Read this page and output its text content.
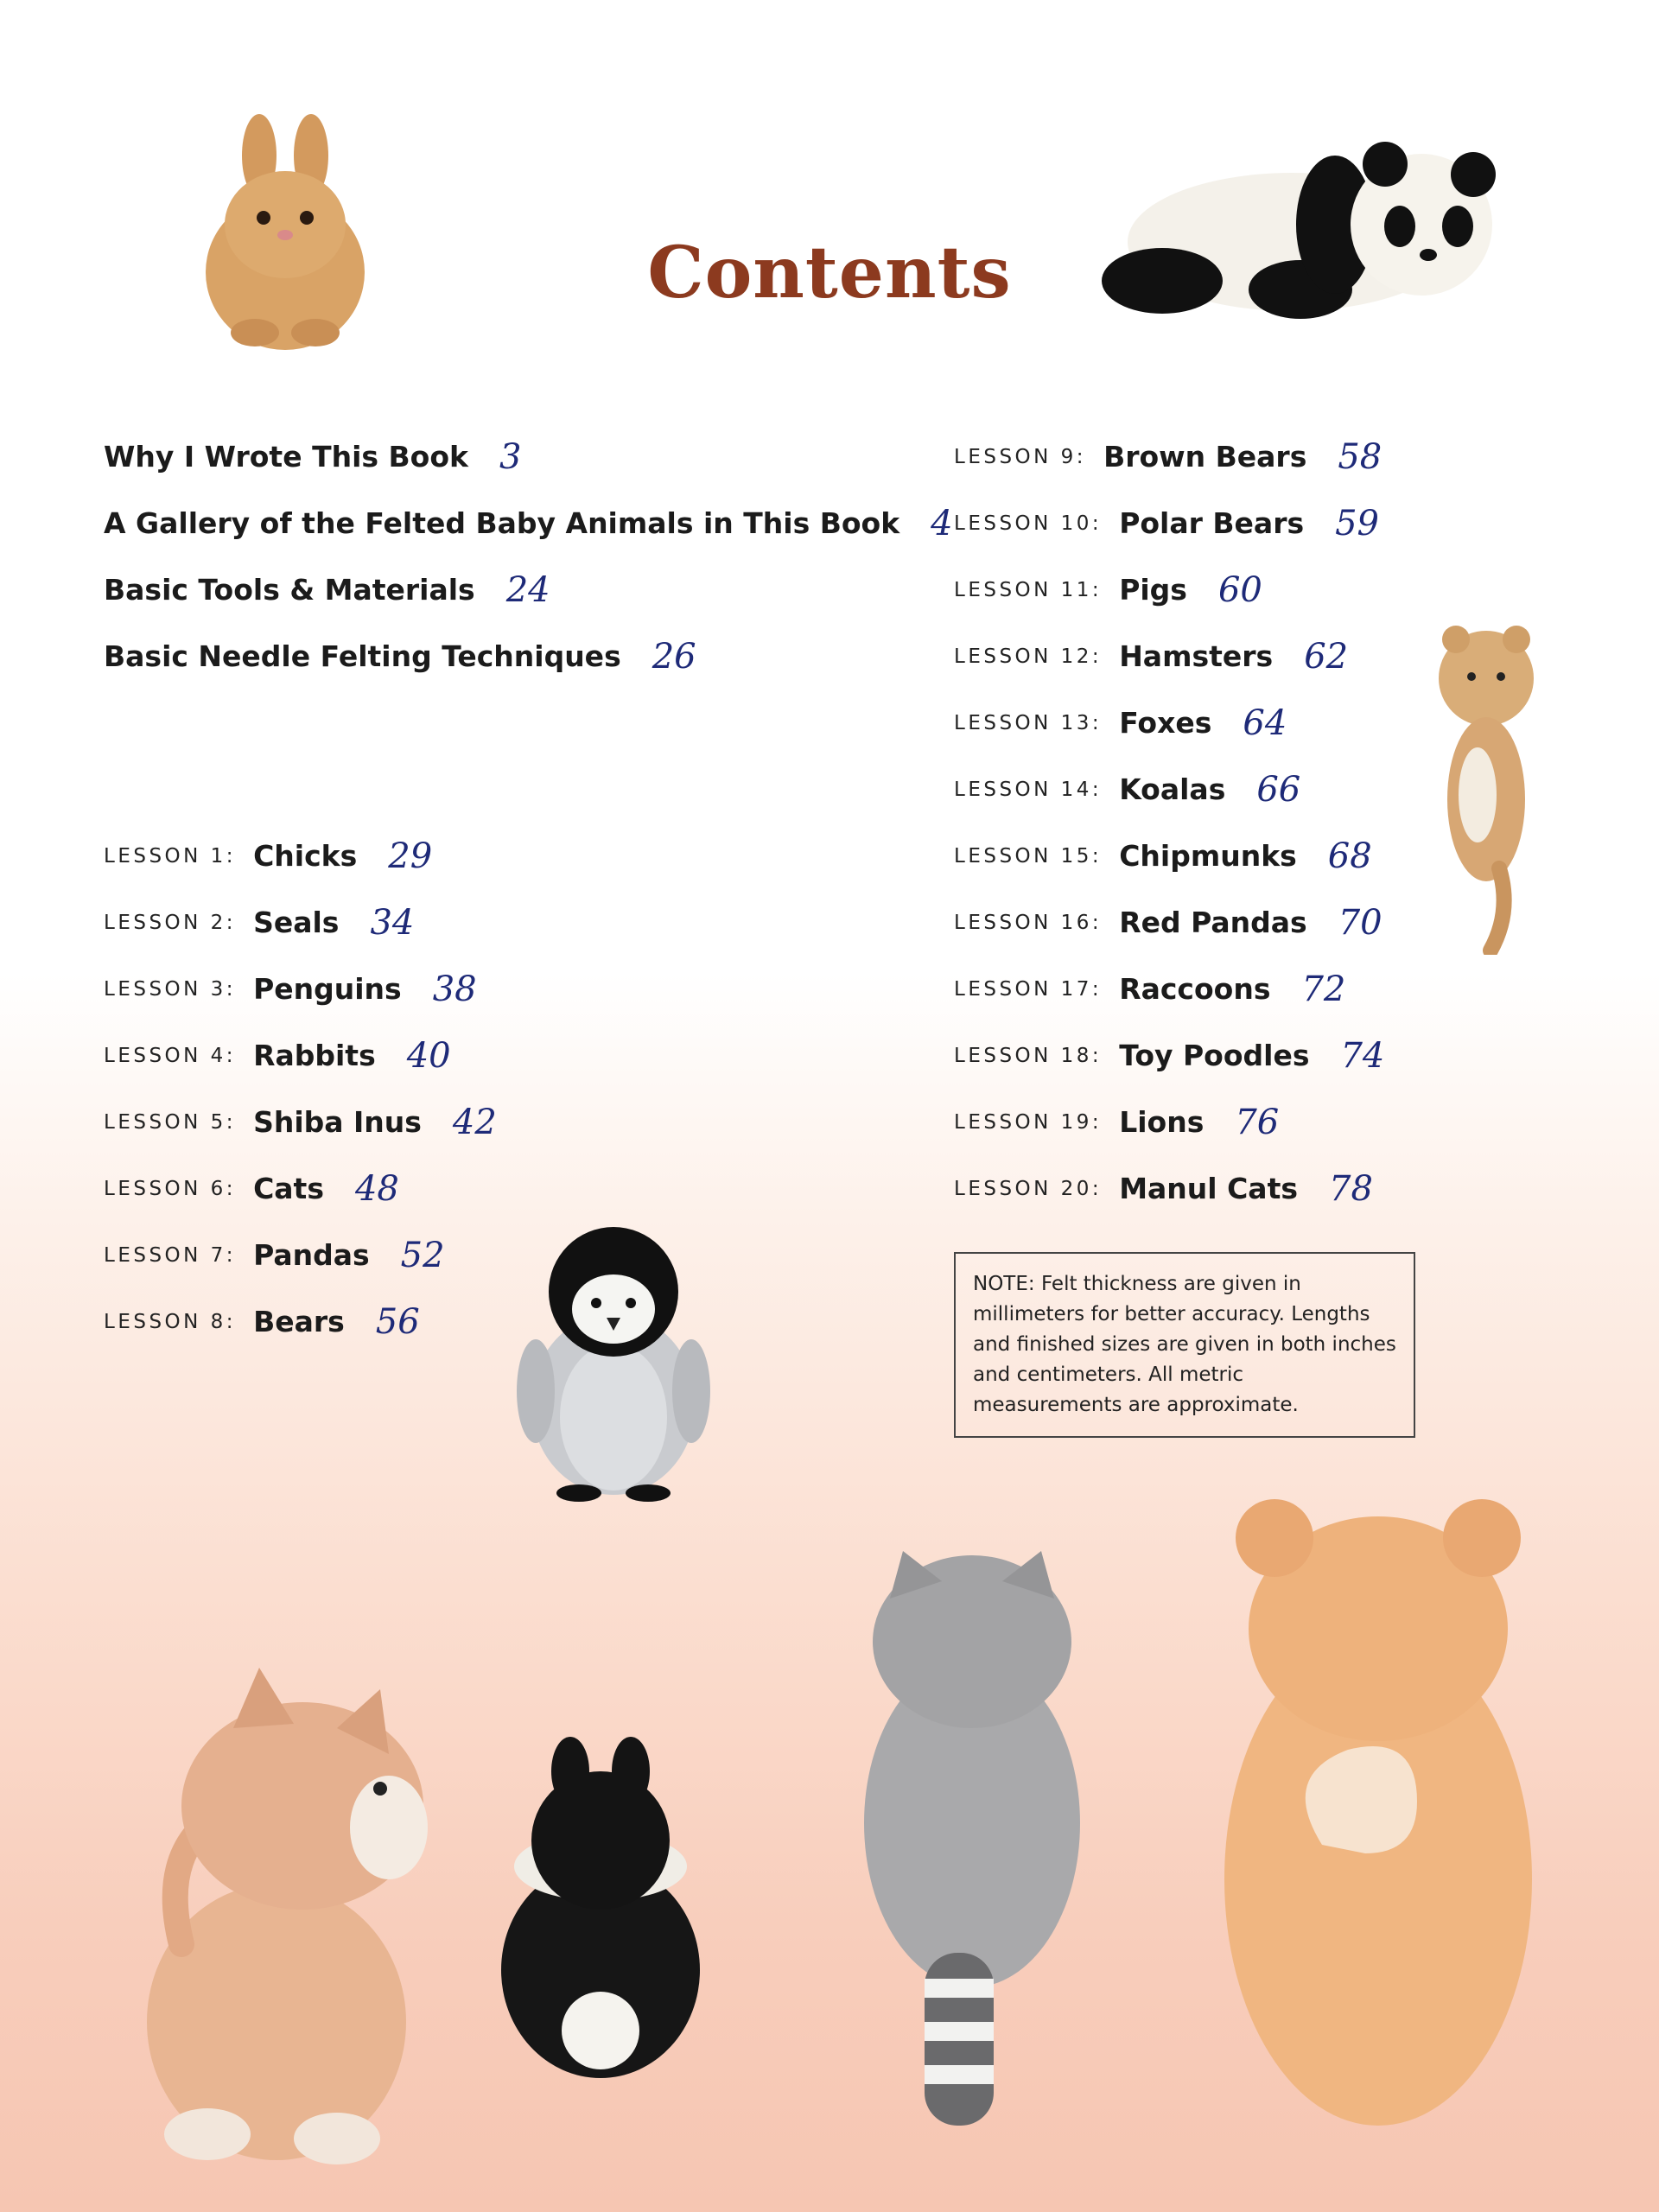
Contents
Why I Wrote This Book 3
A Gallery of the Felted Baby Animals in This Book 4
Basic Tools & Materials 24
Basic Needle Felting Techniques 26
LESSON 1: Chicks 29
LESSON 2: Seals 34
LESSON 3: Penguins 38
LESSON 4: Rabbits 40
LESSON 5: Shiba Inus 42
LESSON 6: Cats 48
LESSON 7: Pandas 52
LESSON 8: Bears 56
LESSON 9: Brown Bears 58
LESSON 10: Polar Bears 59
LESSON 11: Pigs 60
LESSON 12: Hamsters 62
LESSON 13: Foxes 64
LESSON 14: Koalas 66
LESSON 15: Chipmunks 68
LESSON 16: Red Pandas 70
LESSON 17: Raccoons 72
LESSON 18: Toy Poodles 74
LESSON 19: Lions 76
LESSON 20: Manul Cats 78
NOTE: Felt thickness are given in millimeters for better accuracy. Lengths and finished sizes are given in both inches and centimeters. All metric measurements are approximate.
